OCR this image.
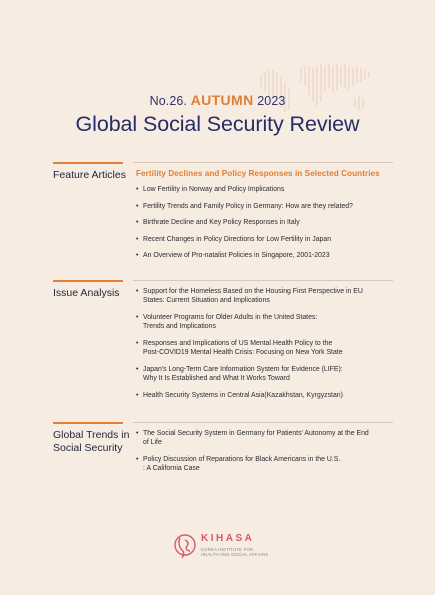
No.26. AUTUMN 2023
Global Social Security Review
Feature Articles	Fertility Declines and Policy Responses in Selected Countries
• Low Fertility in Norway and Policy Implications
• Fertility Trends and Family Policy in Germany: How are they related?
• Birthrate Decline and Key Policy Responses in Italy
• Recent Changes in Policy Directions for Low Fertility in Japan
• An Overview of Pro-natalist Policies in Singapore, 2001-2023
Issue Analysis
•	Support for the Homeless Based on the Housing First Perspective in EU
States: Current Situation and Implications
• Volunteer Programs for Older Adults in the United States:
Trends and Implications
• Responses and Implications of US Mental Health Policy to the
Post-COVID19 Mental Health Crisis: Focusing on New York State
• Japan's Long-Term Care Information System for Evidence (LIFE):
Why It Is Established and What It Works Toward
• Health Security Systems in Central Asia(Kazakhstan, Kyrgyzstan)
Global Trends in
Social Security
• The Social Security System in Germany for Patients' Autonomy at the End
of Life
• Policy Discussion of Reparations for Black Americans in the U.S.
: A California Case
KIHASA
KOREA INSTITUTE FOR
HEALTH AND SOCIAL AFFAIRS
